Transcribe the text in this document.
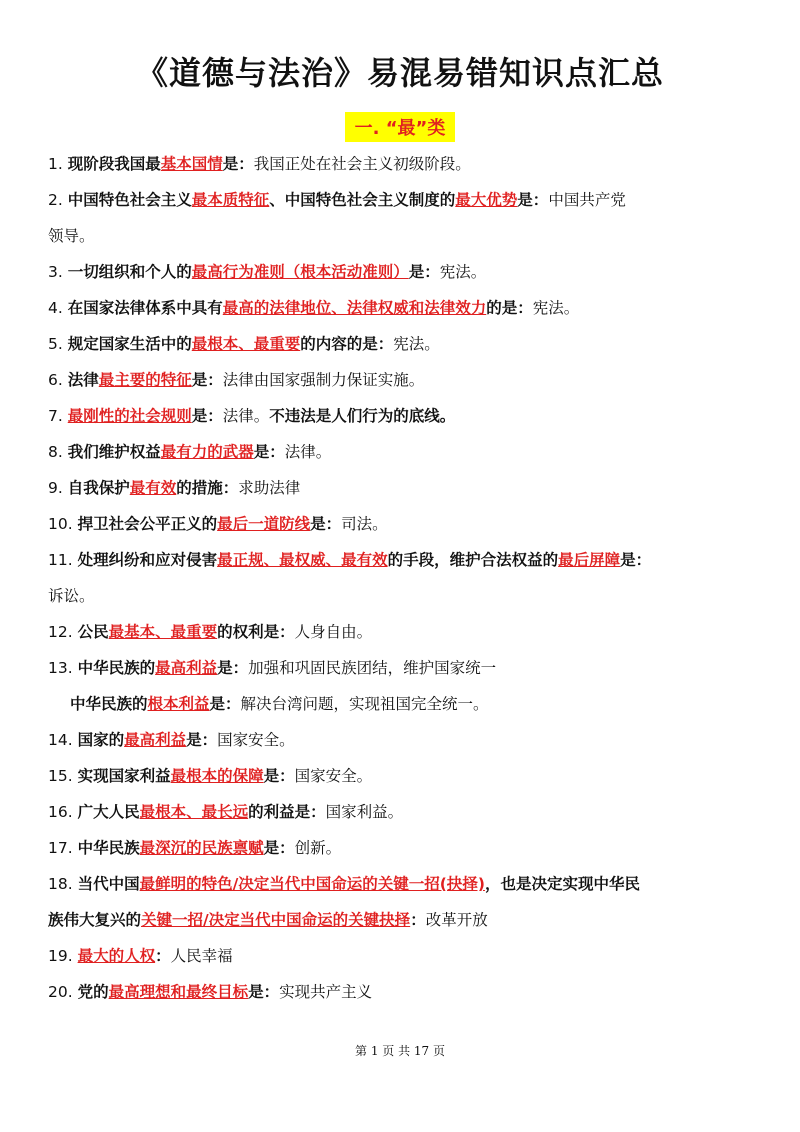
《道德与法治》易混易错知识点汇总
一. “最”类
1. 现阶段我国最基本国情是：我国正处在社会主义初级阶段。
2. 中国特色社会主义最本质特征、中国特色社会主义制度的最大优势是：中国共产党
领导。
3. 一切组织和个人的最高行为准则（根本活动准则）是：宪法。
4. 在国家法律体系中具有最高的法律地位、法律权威和法律效力的是：宪法。
5. 规定国家生活中的最根本、最重要的内容的是：宪法。
6. 法律最主要的特征是：法律由国家强制力保证实施。
7. 最刚性的社会规则是：法律。不违法是人们行为的底线。
8. 我们维护权益最有力的武器是：法律。
9. 自我保护最有效的措施：求助法律
10. 捍卫社会公平正义的最后一道防线是：司法。
11. 处理纠纷和应对侵害最正规、最权威、最有效的手段，维护合法权益的最后屏障是：
诉讼。
12. 公民最基本、最重要的权利是：人身自由。
13. 中华民族的最高利益是：加强和巩固民族团结，维护国家统一
中华民族的根本利益是：解决台湾问题，实现祖国完全统一。
14. 国家的最高利益是：国家安全。
15. 实现国家利益最根本的保障是：国家安全。
16. 广大人民最根本、最长远的利益是：国家利益。
17. 中华民族最深沉的民族禀赋是：创新。
18. 当代中国最鲜明的特色/决定当代中国命运的关键一招(抉择)，也是决定实现中华民
族伟大复兴的关键一招/决定当代中国命运的关键抉择：改革开放
19. 最大的人权：人民幸福
20. 党的最高理想和最终目标是：实现共产主义
第 1 页 共 17 页
